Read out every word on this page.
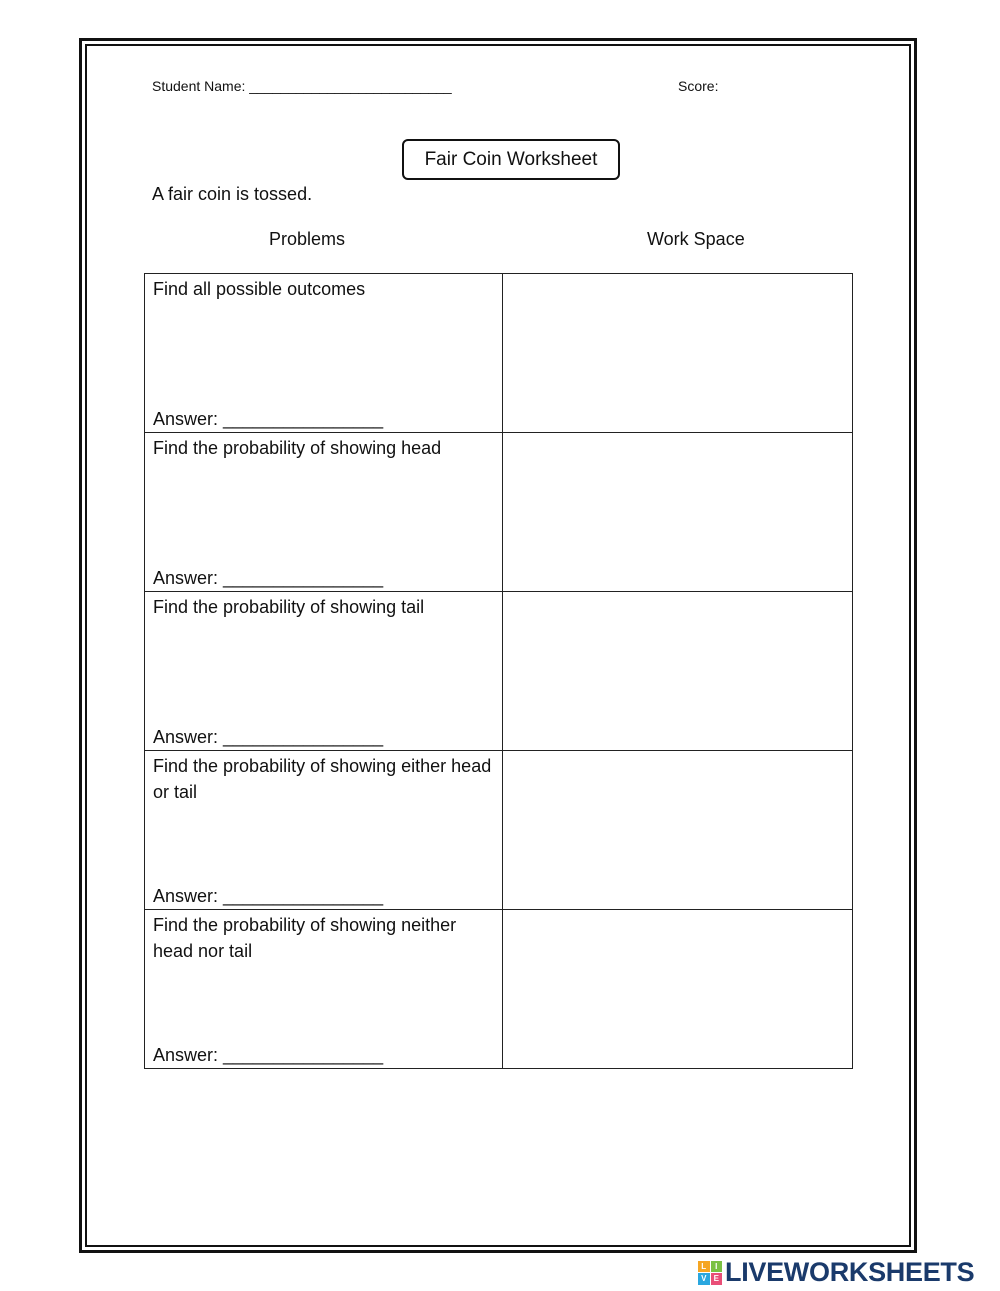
Student Name: __________________________	Score:
Fair Coin Worksheet
A fair coin is tossed.
Problems	Work Space
Find all possible outcomes
Answer: ________________	

Find the probability of showing head
Answer: ________________	

Find the probability of showing tail
Answer: ________________	

Find the probability of showing either head or tail
Answer: ________________	

Find the probability of showing neither head nor tail
Answer: ________________	

L	I
V E LIVEWORKSHEETS
